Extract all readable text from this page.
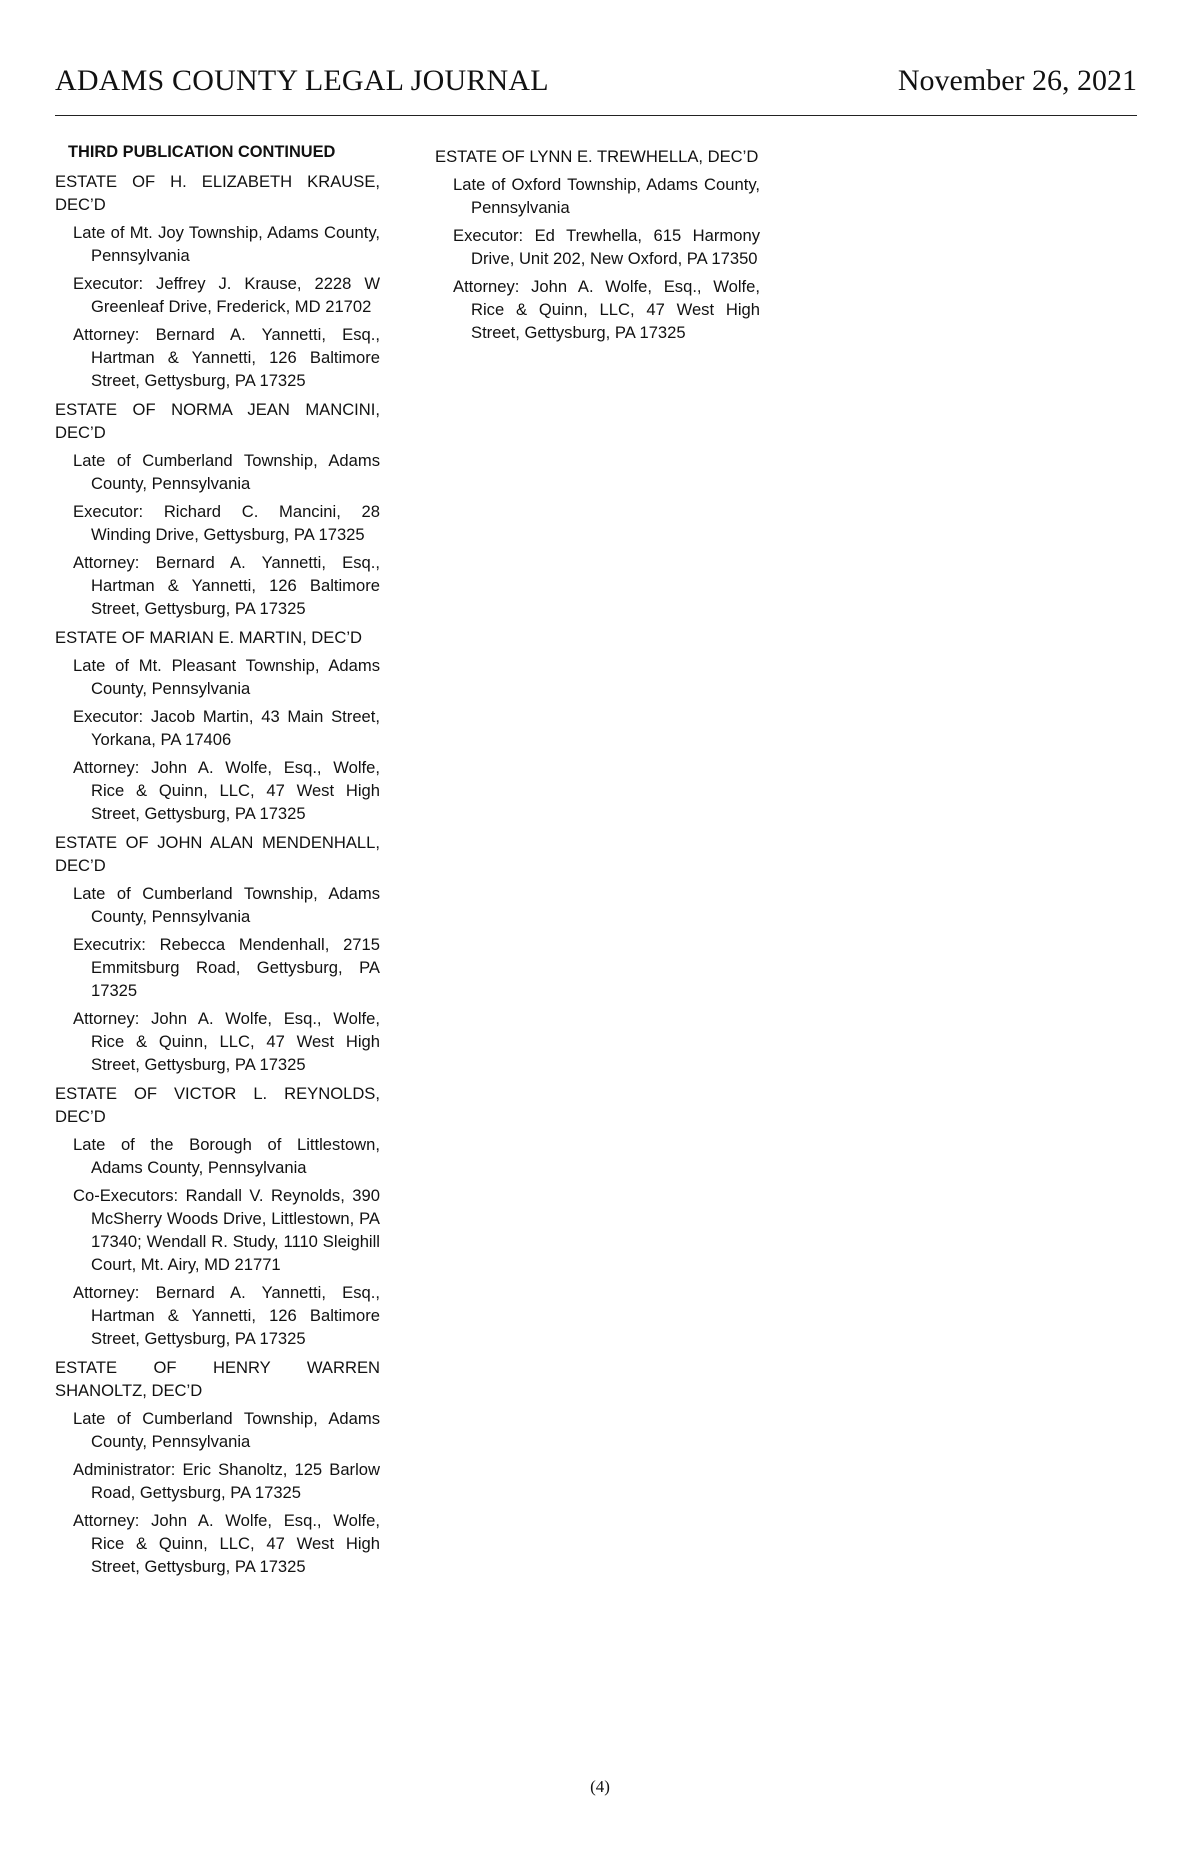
ADAMS COUNTY LEGAL JOURNAL	November 26, 2021
THIRD PUBLICATION CONTINUED
ESTATE OF H. ELIZABETH KRAUSE, DEC’D
Late of Mt. Joy Township, Adams County, Pennsylvania
Executor: Jeffrey J. Krause, 2228 W Greenleaf Drive, Frederick, MD 21702
Attorney: Bernard A. Yannetti, Esq., Hartman & Yannetti, 126 Baltimore Street, Gettysburg, PA 17325
ESTATE OF NORMA JEAN MANCINI, DEC’D
Late of Cumberland Township, Adams County, Pennsylvania
Executor: Richard C. Mancini, 28 Winding Drive, Gettysburg, PA 17325
Attorney: Bernard A. Yannetti, Esq., Hartman & Yannetti, 126 Baltimore Street, Gettysburg, PA 17325
ESTATE OF MARIAN E. MARTIN, DEC’D
Late of Mt. Pleasant Township, Adams County, Pennsylvania
Executor: Jacob Martin, 43 Main Street, Yorkana, PA 17406
Attorney: John A. Wolfe, Esq., Wolfe, Rice & Quinn, LLC, 47 West High Street, Gettysburg, PA 17325
ESTATE OF JOHN ALAN MENDENHALL, DEC’D
Late of Cumberland Township, Adams County, Pennsylvania
Executrix: Rebecca Mendenhall, 2715 Emmitsburg Road, Gettysburg, PA 17325
Attorney: John A. Wolfe, Esq., Wolfe, Rice & Quinn, LLC, 47 West High Street, Gettysburg, PA 17325
ESTATE OF VICTOR L. REYNOLDS, DEC’D
Late of the Borough of Littlestown, Adams County, Pennsylvania
Co-Executors: Randall V. Reynolds, 390 McSherry Woods Drive, Littlestown, PA 17340; Wendall R. Study, 1110 Sleighill Court, Mt. Airy, MD 21771
Attorney: Bernard A. Yannetti, Esq., Hartman & Yannetti, 126 Baltimore Street, Gettysburg, PA 17325
ESTATE OF HENRY WARREN SHANOLTZ, DEC’D
Late of Cumberland Township, Adams County, Pennsylvania
Administrator: Eric Shanoltz, 125 Barlow Road, Gettysburg, PA 17325
Attorney: John A. Wolfe, Esq., Wolfe, Rice & Quinn, LLC, 47 West High Street, Gettysburg, PA 17325
ESTATE OF LYNN E. TREWHELLA, DEC’D
Late of Oxford Township, Adams County, Pennsylvania
Executor: Ed Trewhella, 615 Harmony Drive, Unit 202, New Oxford, PA 17350
Attorney: John A. Wolfe, Esq., Wolfe, Rice & Quinn, LLC, 47 West High Street, Gettysburg, PA 17325
(4)
